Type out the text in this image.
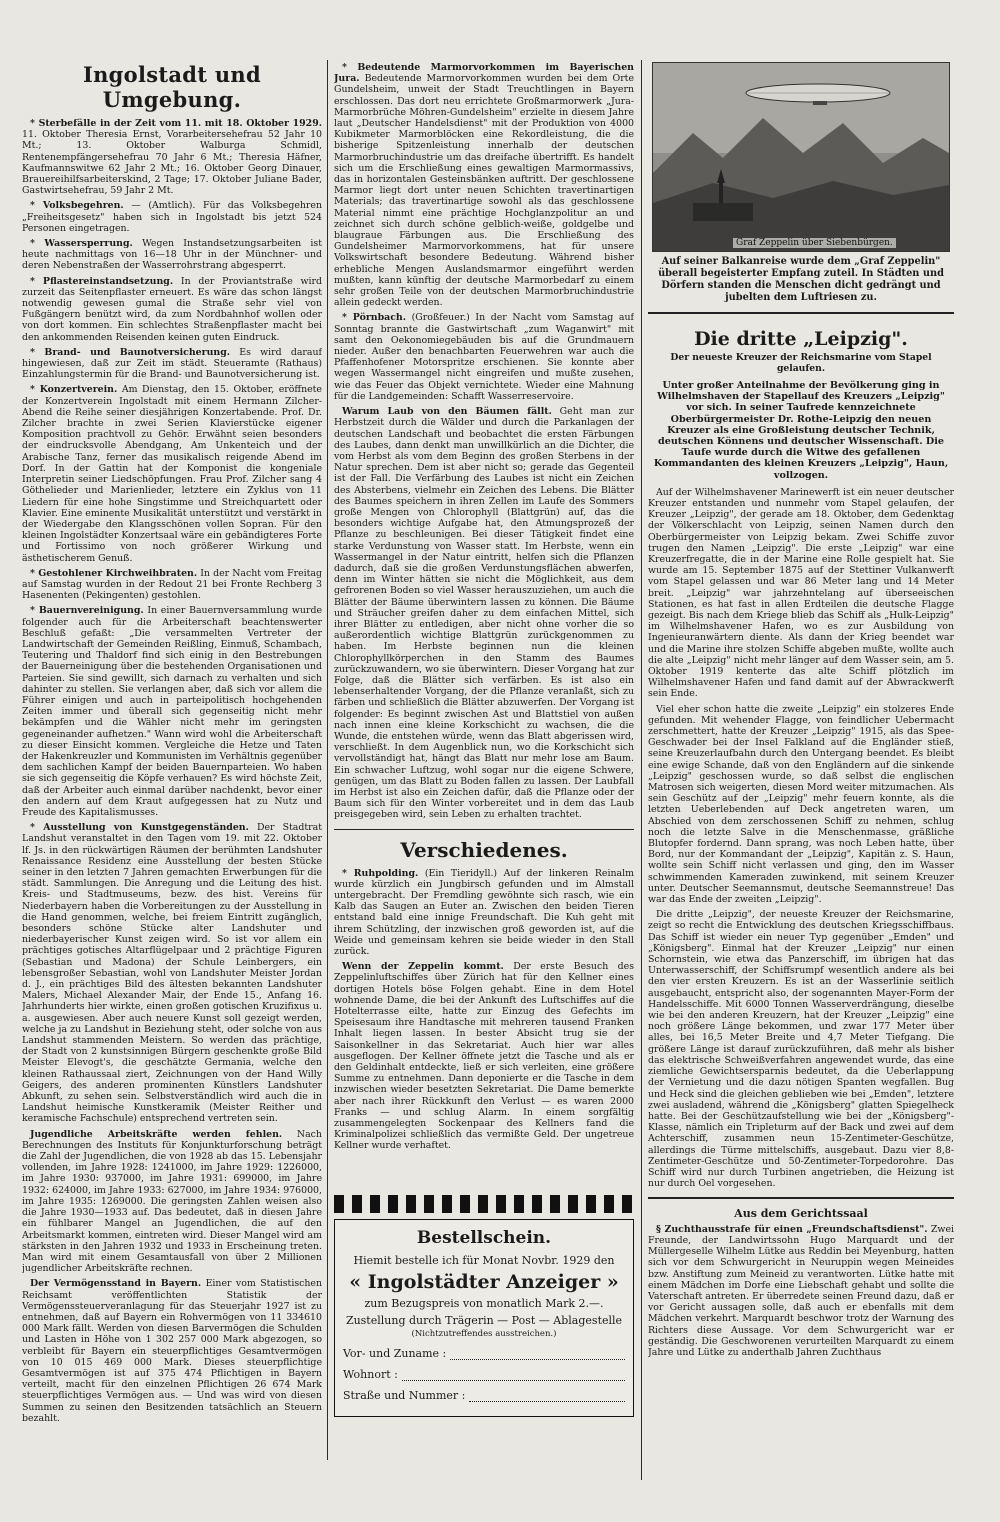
Ingolstadt und Umgebung.

* Sterbefälle in der Zeit vom 11. mit 18. Oktober 1929. 11. Oktober Theresia Ernst, Vorarbeitersehefrau 52 Jahr 10 Mt.; 13. Oktober Walburga Schmidl, Rentenempfängersehefrau 70 Jahr 6 Mt.; Theresia Häfner, Kaufmannswitwe 62 Jahr 2 Mt.; 16. Oktober Georg Dinauer, Brauereihilfsarbeiterskind, 2 Tage; 17. Oktober Juliane Bader, Gastwirtsehefrau, 59 Jahr 2 Mt.

* Volksbegehren. — (Amtlich). Für das Volksbegehren „Freiheitsgesetz" haben sich in Ingolstadt bis jetzt 524 Personen eingetragen.

* Wassersperrung. Wegen Instandsetzungsarbeiten ist heute nachmittags von 16—18 Uhr in der Münchner- und deren Nebenstraßen der Wasserrohrstrang abgesperrt.

* Pflastereinstandsetzung. In der Proviantstraße wird zurzeit das Seitenpflaster erneuert. Es wäre das schon längst notwendig gewesen gumal die Straße sehr viel von Fußgängern benützt wird, da zum Nordbahnhof wollen oder von dort kommen. Ein schlechtes Straßenpflaster macht bei den ankommenden Reisenden keinen guten Eindruck.

* Brand- und Baunotversicherung. Es wird darauf hingewiesen, daß zur Zeit im städt. Steueramte (Rathaus) Einzahlungstermin für die Brand- und Baunotversicherung ist.

* Konzertverein. Am Dienstag, den 15. Oktober, eröffnete der Konzertverein Ingolstadt mit einem Hermann Zilcher-Abend die Reihe seiner diesjährigen Konzertabende. Prof. Dr. Zilcher brachte in zwei Serien Klavierstücke eigener Komposition prachtvoll zu Gehör. Erwähnt seien besonders der eindrucksvolle Abendgang, Am Unkenteich und der Arabische Tanz, ferner das musikalisch reigende Abend im Dorf. In der Gattin hat der Komponist die kongeniale Interpretin seiner Liedschöpfungen. Frau Prof. Zilcher sang 4 Göthelieder und Marienlieder, letztere ein Zyklus von 11 Liedern für eine hohe Singstimme und Streichquartett oder Klavier. Eine eminente Musikalität unterstützt und verstärkt in der Wiedergabe den Klangsschönen vollen Sopran. Für den kleinen Ingolstädter Konzertsaal wäre ein gebändigteres Forte und Fortissimo von noch größerer Wirkung und ästhetischerem Genuß.

* Gestohlener Kirchweihbraten. In der Nacht vom Freitag auf Samstag wurden in der Redout 21 bei Fronte Rechberg 3 Hasenenten (Pekingenten) gestohlen.

* Bauernvereinigung. In einer Bauernversammlung wurde folgender auch für die Arbeiterschaft beachtenswerter Beschluß gefaßt: „Die versammelten Vertreter der Landwirtschaft der Gemeinden Reißling, Einmuß, Schambach, Teutering und Thaldorf find sich einig in den Bestrebungen der Bauerneinigung über die bestehenden Organisationen und Parteien. Sie sind gewillt, sich darnach zu verhalten und sich dahinter zu stellen. Sie verlangen aber, daß sich vor allem die Führer einigen und auch in parteipolitisch hochgehenden Zeiten immer und überall sich gegenseitig nicht mehr bekämpfen und die Wähler nicht mehr im geringsten gegeneinander aufhetzen." Wann wird wohl die Arbeiterschaft zu dieser Einsicht kommen. Vergleiche die Hetze und Taten der Hakenkreuzler und Kommunisten im Verhältnis gegenüber dem sachlichen Kampf der beiden Bauernparteien. Wo haben sie sich gegenseitig die Köpfe verhauen? Es wird höchste Zeit, daß der Arbeiter auch einmal darüber nachdenkt, bevor einer den andern auf dem Kraut aufgegessen hat zu Nutz und Freude des Kapitalismusses.

* Ausstellung von Kunstgegenständen. Der Stadtrat Landshut veranstaltet in den Tagen vom 19. mit 22. Oktober lf. Js. in den rückwärtigen Räumen der berühmten Landshuter Renaissance Residenz eine Ausstellung der besten Stücke seiner in den letzten 7 Jahren gemachten Erwerbungen für die städt. Sammlungen. Die Anregung und die Leitung des hist. Kreis- und Stadtmuseums, bezw. des hist. Vereins für Niederbayern haben die Vorbereitungen zu der Ausstellung in die Hand genommen, welche, bei freiem Eintritt zugänglich, besonders schöne Stücke alter Landshuter und niederbayerischer Kunst zeigen wird. So ist vor allem ein prächtiges gotisches Altarflügelpaar und 2 prächtige Figuren (Sebastian und Madona) der Schule Leinbergers, ein lebensgroßer Sebastian, wohl von Landshuter Meister Jordan d. J., ein prächtiges Bild des ältesten bekannten Landshuter Malers, Michael Alexander Mair, der Ende 15., Anfang 16. Jahrhunderts hier wirkte, einen großen gotischen Kruzifixus u. a. ausgewiesen. Aber auch neuere Kunst soll gezeigt werden, welche ja zu Landshut in Beziehung steht, oder solche von aus Landshut stammenden Meistern. So werden das prächtige, der Stadt von 2 kunstsinnigen Bürgern geschenkte große Bild Meister Elevogt's, die geschätzte Germania, welche den kleinen Rathaussaal ziert, Zeichnungen von der Hand Willy Geigers, des anderen prominenten Künstlers Landshuter Abkunft, zu sehen sein. Selbstverständlich wird auch die in Landshut heimische Kunstkeramik (Meister Reither und keramische Fachschule) entsprechend vertreten sein.

Jugendliche Arbeitskräfte werden fehlen. Nach Berechnungen des Instituts für Konjunkturforschung beträgt die Zahl der Jugendlichen, die von 1928 ab das 15. Lebensjahr vollenden, im Jahre 1928: 1241000, im Jahre 1929: 1226000, im Jahre 1930: 937000, im Jahre 1931: 699000, im Jahre 1932: 624000, im Jahre 1933: 627000, im Jahre 1934: 976000, im Jahre 1935: 1269000. Die geringsten Zahlen weisen also die Jahre 1930—1933 auf. Das bedeutet, daß in diesen Jahre ein fühlbarer Mangel an Jugendlichen, die auf den Arbeitsmarkt kommen, eintreten wird. Dieser Mangel wird am stärksten in den Jahren 1932 und 1933 in Erscheinung treten. Man wird mit einem Gesamtausfall von über 2 Millionen jugendlicher Arbeitskräfte rechnen.

Der Vermögensstand in Bayern. Einer vom Statistischen Reichsamt veröffentlichten Statistik der Vermögenssteuerveranlagung für das Steuerjahr 1927 ist zu entnehmen, daß auf Bayern ein Rohvermögen von 11 334610 000 Mark fällt. Werden von diesen Barvermögen die Schulden und Lasten in Höhe von 1 302 257 000 Mark abgezogen, so verbleibt für Bayern ein steuerpflichtiges Gesamtvermögen von 10 015 469 000 Mark. Dieses steuerpflichtige Gesamtvermögen ist auf 375 474 Pflichtigen in Bayern verteilt, macht für den einzelnen Pflichtigen 26 674 Mark steuerpflichtiges Vermögen aus. — Und was wird von diesen Summen zu seinen den Besitzenden tatsächlich an Steuern bezahlt.

* Bedeutende Marmorvorkommen im Bayerischen Jura. Bedeutende Marmorvorkommen wurden bei dem Orte Gundelsheim, unweit der Stadt Treuchtlingen in Bayern erschlossen. Das dort neu errichtete Großmarmorwerk „Jura-Marmorbrüche Möhren-Gundelsheim" erzielte in diesem Jahre laut „Deutscher Handelsdienst" mit der Produktion von 4000 Kubikmeter Marmorblöcken eine Rekordleistung, die die bisherige Spitzenleistung innerhalb der deutschen Marmorbruchindustrie um das dreifache übertrifft. Es handelt sich um die Erschließung eines gewaltigen Marmormassivs, das in horizontalen Gesteinsbänken auftritt. Der geschlossene Marmor liegt dort unter neuen Schichten travertinartigen Materials; das travertinartige sowohl als das geschlossene Material nimmt eine prächtige Hochglanzpolitur an und zeichnet sich durch schöne gelblich-weiße, goldgelbe und blaugraue Färbungen aus. Die Erschließung des Gundelsheimer Marmorvorkommens, hat für unsere Volkswirtschaft besondere Bedeutung. Während bisher erhebliche Mengen Auslandsmarmor eingeführt werden mußten, kann künftig der deutsche Marmorbedarf zu einem sehr großen Teile von der deutschen Marmorbruchindustrie allein gedeckt werden.

* Pörnbach. (Großfeuer.) In der Nacht vom Samstag auf Sonntag brannte die Gastwirtschaft „zum Waganwirt" mit samt den Oekonomiegebäuden bis auf die Grundmauern nieder. Außer den benachbarten Feuerwehren war auch die Pfaffenhofener Motorspritze erschienen. Sie konnte aber wegen Wassermangel nicht eingreifen und mußte zusehen, wie das Feuer das Objekt vernichtete. Wieder eine Mahnung für die Landgemeinden: Schafft Wasserreservoire.

Warum Laub von den Bäumen fällt. Geht man zur Herbstzeit durch die Wälder und durch die Parkanlagen der deutschen Landschaft und beobachtet die ersten Färbungen des Laubes, dann denkt man unwillkürlich an die Dichter, die vom Herbst als vom dem Beginn des großen Sterbens in der Natur sprechen. Dem ist aber nicht so; gerade das Gegenteil ist der Fall. Die Verfärbung des Laubes ist nicht ein Zeichen des Absterbens, vielmehr ein Zeichen des Lebens. Die Blätter des Baumes speichern in ihren Zellen im Laufe des Sommers große Mengen von Chlorophyll (Blattgrün) auf, das die besonders wichtige Aufgabe hat, den Atmungsprozeß der Pflanze zu beschleunigen. Bei dieser Tätigkeit findet eine starke Verdunstung von Wasser statt. Im Herbste, wenn ein Wassermangel in der Natur eintritt, helfen sich die Pflanzen dadurch, daß sie die großen Verdunstungsflächen abwerfen, denn im Winter hätten sie nicht die Möglichkeit, aus dem gefrorenen Boden so viel Wasser herauszuziehen, um auch die Blätter der Bäume überwintern lassen zu können. Die Bäume und Sträucher greifen daher zu dem einfachen Mittel, sich ihrer Blätter zu entledigen, aber nicht ohne vorher die so außerordentlich wichtige Blattgrün zurückgenommen zu haben. Im Herbste beginnen nun die kleinen Chlorophyllkörperchen in den Stamm des Baumes zurückzuwandern, wo sie überwintern. Dieser Vorgang hat zur Folge, daß die Blätter sich verfärben. Es ist also ein lebenserhaltender Vorgang, der die Pflanze veranlaßt, sich zu färben und schließlich die Blätter abzuwerfen. Der Vorgang ist folgender: Es beginnt zwischen Ast und Blattstiel von außen nach innen eine kleine Korkschicht zu wachsen, die die Wunde, die entstehen würde, wenn das Blatt abgerissen wird, verschließt. In dem Augenblick nun, wo die Korkschicht sich vervollständigt hat, hängt das Blatt nur mehr lose am Baum. Ein schwacher Luftzug, wohl sogar nur die eigene Schwere, genügen, um das Blatt zu Boden fallen zu lassen. Der Laubfall im Herbst ist also ein Zeichen dafür, daß die Pflanze oder der Baum sich für den Winter vorbereitet und in dem das Laub preisgegeben wird, sein Leben zu erhalten trachtet.

Verschiedenes.

* Ruhpolding. (Ein Tieridyll.) Auf der linkeren Reinalm wurde kürzlich ein Jungbirsch gefunden und im Almstall untergebracht. Der Fremdling gewöhnte sich rasch, wie ein Kalb das Saugen an Euter an. Zwischen den beiden Tieren entstand bald eine innige Freundschaft. Die Kuh geht mit ihrem Schützling, der inzwischen groß geworden ist, auf die Weide und gemeinsam kehren sie beide wieder in den Stall zurück.

Wenn der Zeppelin kommt. Der erste Besuch des Zeppelinluftschiffes über Zürich hat für den Kellner eines dortigen Hotels böse Folgen gehabt. Eine in dem Hotel wohnende Dame, die bei der Ankunft des Luftschiffes auf die Hotelterrasse eilte, hatte zur Einzug des Gefechts im Speisesaum ihre Handtasche mit mehreren tausend Franken Inhalt liegen lassen. In bester Absicht trug sie der Saisonkellner in das Sekretariat. Auch hier war alles ausgeflogen. Der Kellner öffnete jetzt die Tasche und als er den Geldinhalt entdeckte, ließ er sich verleiten, eine größere Summe zu entnehmen. Dann deponierte er die Tasche in dem inzwischen wieder besetzten Sekretariat. Die Dame bemerkte aber nach ihrer Rückkunft den Verlust — es waren 2000 Franks — und schlug Alarm. In einem sorgfältig zusammengelegten Sockenpaar des Kellners fand die Kriminalpolizei schließlich das vermißte Geld. Der ungetreue Kellner wurde verhaftet.

Bestellschein.
Hiemit bestelle ich für Monat Novbr. 1929 den
« Ingolstädter Anzeiger »
zum Bezugspreis von monatlich Mark 2.—.
Zustellung durch Trägerin — Post — Ablagestelle
(Nichtzutreffendes ausstreichen.)
Vor- und Zuname :
Wohnort :
Straße und Nummer :
Graf Zeppelin über Siebenbürgen.

Auf seiner Balkanreise wurde dem „Graf Zeppelin" überall begeisterter Empfang zuteil. In Städten und Dörfern standen die Menschen dicht gedrängt und jubelten dem Luftriesen zu.

Die dritte „Leipzig".

Der neueste Kreuzer der Reichsmarine vom Stapel gelaufen.

Unter großer Anteilnahme der Bevölkerung ging in Wilhelmshaven der Stapellauf des Kreuzers „Leipzig" vor sich. In seiner Taufrede kennzeichnete Oberbürgermeister Dr. Rothe-Leipzig den neuen Kreuzer als eine Großleistung deutscher Technik, deutschen Könnens und deutscher Wissenschaft. Die Taufe wurde durch die Witwe des gefallenen Kommandanten des kleinen Kreuzers „Leipzig", Haun, vollzogen.

Auf der Wilhelmshavener Marinewerft ist ein neuer deutscher Kreuzer entstanden und nunmehr vom Stapel gelaufen, der Kreuzer „Leipzig", der gerade am 18. Oktober, dem Gedenktag der Völkerschlacht von Leipzig, seinen Namen durch den Oberbürgermeister von Leipzig bekam. Zwei Schiffe zuvor trugen den Namen „Leipzig". Die erste „Leipzig" war eine Kreuzerfregatte, die in der Marine eine Rolle gespielt hat. Sie wurde am 15. September 1875 auf der Stettiner Vulkanwerft vom Stapel gelassen und war 86 Meter lang und 14 Meter breit. „Leipzig" war jahrzehntelang auf überseeischen Stationen, es hat fast in allen Erdteilen die deutsche Flagge gezeigt. Bis nach dem Kriege blieb das Schiff als „Hulk-Leipzig" im Wilhelmshavener Hafen, wo es zur Ausbildung von Ingenieuranwärtern diente. Als dann der Krieg beendet war und die Marine ihre stolzen Schiffe abgeben mußte, wollte auch die alte „Leipzig" nicht mehr länger auf dem Wasser sein, am 5. Oktober 1919 kenterte das alte Schiff plötzlich im Wilhelmshavener Hafen und fand damit auf der Abwrackwerft sein Ende.

Viel eher schon hatte die zweite „Leipzig" ein stolzeres Ende gefunden. Mit wehender Flagge, von feindlicher Uebermacht zerschmettert, hatte der Kreuzer „Leipzig" 1915, als das Spee-Geschwader bei der Insel Falkland auf die Engländer stieß, seine Kreuzerlaufbahn durch den Untergang beendet. Es bleibt eine ewige Schande, daß von den Engländern auf die sinkende „Leipzig" geschossen wurde, so daß selbst die englischen Matrosen sich weigerten, diesen Mord weiter mitzumachen. Als sein Geschütz auf der „Leipzig" mehr feuern konnte, als die letzten Ueberlebenden auf Deck angetreten waren, um Abschied von dem zerschossenen Schiff zu nehmen, schlug noch die letzte Salve in die Menschenmasse, gräßliche Blutopfer fordernd. Dann sprang, was noch Leben hatte, über Bord, nur der Kommandant der „Leipzig", Kapitän z. S. Haun, wollte sein Schiff nicht verlassen und ging, den im Wasser schwimmenden Kameraden zuwinkend, mit seinem Kreuzer unter. Deutscher Seemannsmut, deutsche Seemannstreue! Das war das Ende der zweiten „Leipzig".

Die dritte „Leipzig", der neueste Kreuzer der Reichsmarine, zeigt so recht die Entwicklung des deutschen Kriegsschiffbaus. Das Schiff ist wieder ein neuer Typ gegenüber „Emden" und „Königsberg". Einmal hat der Kreuzer „Leipzig" nur einen Schornstein, wie etwa das Panzerschiff, im übrigen hat das Unterwasserschiff, der Schiffsrumpf wesentlich andere als bei den vier ersten Kreuzern. Es ist an der Wasserlinie seitlich ausgebaucht, entspricht also, der sogenannten Mayer-Form der Handelsschiffe. Mit 6000 Tonnen Wasserverdrängung, dieselbe wie bei den anderen Kreuzern, hat der Kreuzer „Leipzig" eine noch größere Länge bekommen, und zwar 177 Meter über alles, bei 16,5 Meter Breite und 4,7 Meter Tiefgang. Die größere Länge ist darauf zurückzuführen, daß mehr als bisher das elektrische Schweißverfahren angewendet wurde, das eine ziemliche Gewichtsersparnis bedeutet, da die Ueberlappung der Vernietung und die dazu nötigen Spanten wegfallen. Bug und Heck sind die gleichen geblieben wie bei „Emden", letztere zwei ausladend, während die „Königsberg" glatten Spiegelheck hatte. Bei der Geschützaufstellung wie bei der „Königsberg"-Klasse, nämlich ein Tripleturm auf der Back und zwei auf dem Achterschiff, zusammen neun 15-Zentimeter-Geschütze, allerdings die Türme mittelschiffs, ausgebaut. Dazu vier 8,8-Zentimeter-Geschütze und 50-Zentimeter-Torpedorohre. Das Schiff wird nur durch Turbinen angetrieben, die Heizung ist nur durch Oel vorgesehen.

Aus dem Gerichtssaal

§ Zuchthausstrafe für einen „Freundschaftsdienst". Zwei Freunde, der Landwirtssohn Hugo Marquardt und der Müllergeselle Wilhelm Lütke aus Reddin bei Meyenburg, hatten sich vor dem Schwurgericht in Neuruppin wegen Meineides bzw. Anstiftung zum Meineid zu verantworten. Lütke hatte mit einem Mädchen im Dorfe eine Liebschaft gehabt und sollte die Vaterschaft antreten. Er überredete seinen Freund dazu, daß er vor Gericht aussagen solle, daß auch er ebenfalls mit dem Mädchen verkehrt. Marquardt beschwor trotz der Warnung des Richters diese Aussage. Vor dem Schwurgericht war er geständig. Die Geschworenen verurteilten Marquardt zu einem Jahre und Lütke zu anderthalb Jahren Zuchthaus
